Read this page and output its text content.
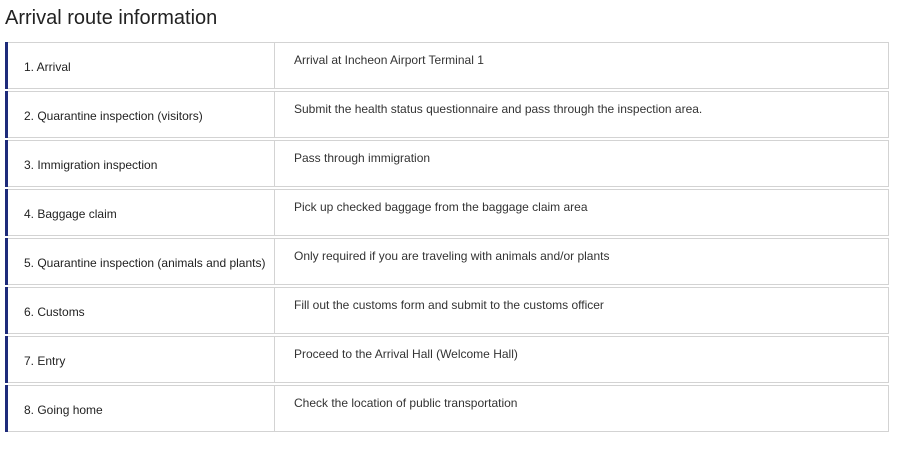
Arrival route information
1. Arrival	Arrival at Incheon Airport Terminal 1
2. Quarantine inspection (visitors)	Submit the health status questionnaire and pass through the inspection area.
3. Immigration inspection	Pass through immigration
4. Baggage claim	Pick up checked baggage from the baggage claim area
5. Quarantine inspection (animals and plants)	Only required if you are traveling with animals and/or plants
6. Customs	Fill out the customs form and submit to the customs officer
7. Entry	Proceed to the Arrival Hall (Welcome Hall)
8. Going home	Check the location of public transportation
